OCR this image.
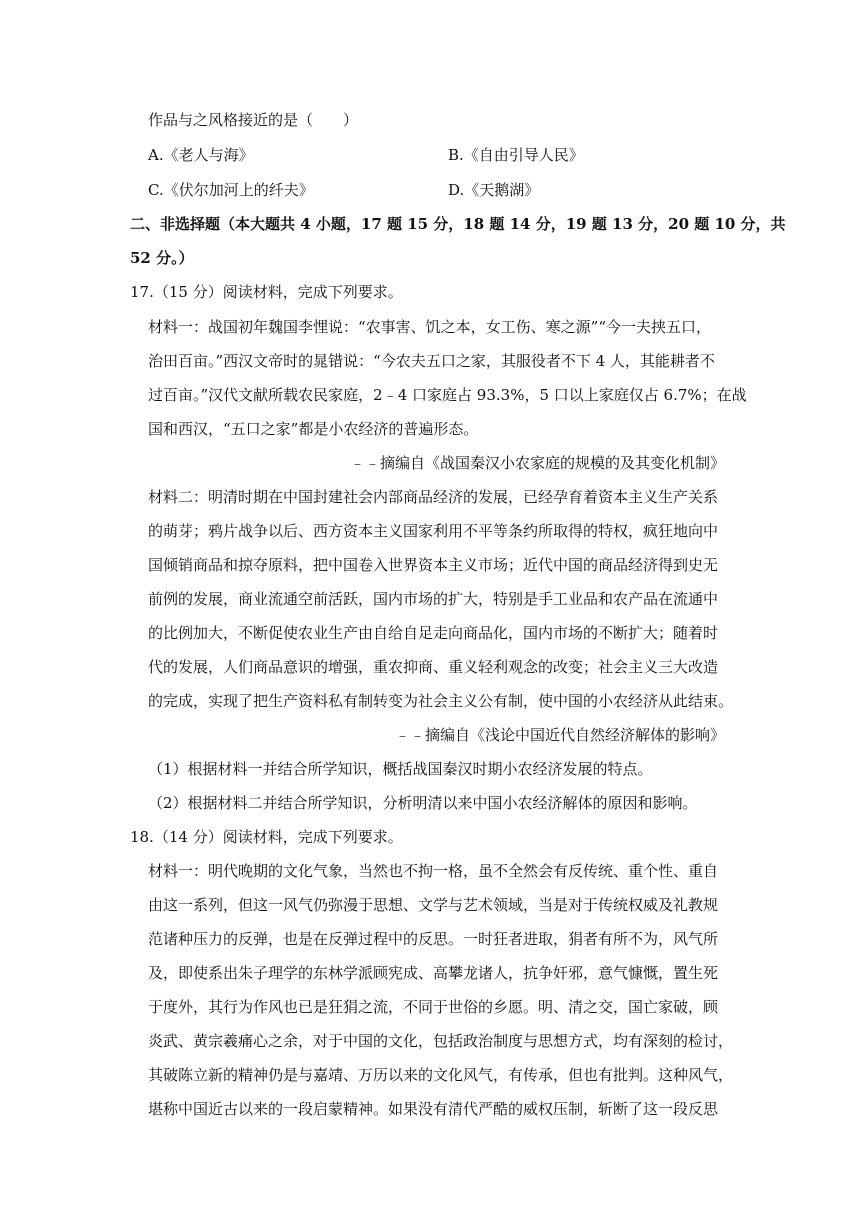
作品与之风格接近的是（　　）
A.《老人与海》	B.《自由引导人民》
C.《伏尔加河上的纤夫》	D.《天鹅湖》
二、非选择题（本大题共 4 小题，17 题 15 分，18 题 14 分，19 题 13 分，20 题 10 分，共
52 分。）
17.（15 分）阅读材料，完成下列要求。
材料一：战国初年魏国李悝说：“农事害、饥之本，女工伤、寒之源”“今一夫挟五口，
治田百亩。”西汉文帝时的晁错说：“今农夫五口之家，其服役者不下 4 人，其能耕者不
过百亩。”汉代文献所载农民家庭，2﹣4 口家庭占 93.3%，5 口以上家庭仅占 6.7%；在战
国和西汉，“五口之家”都是小农经济的普遍形态。
﹣﹣摘编自《战国秦汉小农家庭的规模的及其变化机制》
材料二：明清时期在中国封建社会内部商品经济的发展，已经孕育着资本主义生产关系
的萌芽；鸦片战争以后、西方资本主义国家利用不平等条约所取得的特权，疯狂地向中
国倾销商品和掠夺原料，把中国卷入世界资本主义市场；近代中国的商品经济得到史无
前例的发展，商业流通空前活跃，国内市场的扩大，特别是手工业品和农产品在流通中
的比例加大，不断促使农业生产由自给自足走向商品化，国内市场的不断扩大；随着时
代的发展，人们商品意识的增强，重农抑商、重义轻利观念的改变；社会主义三大改造
的完成，实现了把生产资料私有制转变为社会主义公有制，使中国的小农经济从此结束。
﹣﹣摘编自《浅论中国近代自然经济解体的影响》
（1）根据材料一并结合所学知识，概括战国秦汉时期小农经济发展的特点。
（2）根据材料二并结合所学知识，分析明清以来中国小农经济解体的原因和影响。
18.（14 分）阅读材料，完成下列要求。
材料一：明代晚期的文化气象，当然也不拘一格，虽不全然会有反传统、重个性、重自
由这一系列，但这一风气仍弥漫于思想、文学与艺术领域，当是对于传统权威及礼教规
范诸种压力的反弹，也是在反弹过程中的反思。一时狂者进取，狷者有所不为，风气所
及，即使系出朱子理学的东林学派顾宪成、高攀龙诸人，抗争奸邪，意气慷慨，置生死
于度外，其行为作风也已是狂狷之流，不同于世俗的乡愿。明、清之交，国亡家破，顾
炎武、黄宗羲痛心之余，对于中国的文化，包括政治制度与思想方式，均有深刻的检讨，
其破陈立新的精神仍是与嘉靖、万历以来的文化风气，有传承，但也有批判。这种风气，
堪称中国近古以来的一段启蒙精神。如果没有清代严酷的威权压制，斩断了这一段反思
